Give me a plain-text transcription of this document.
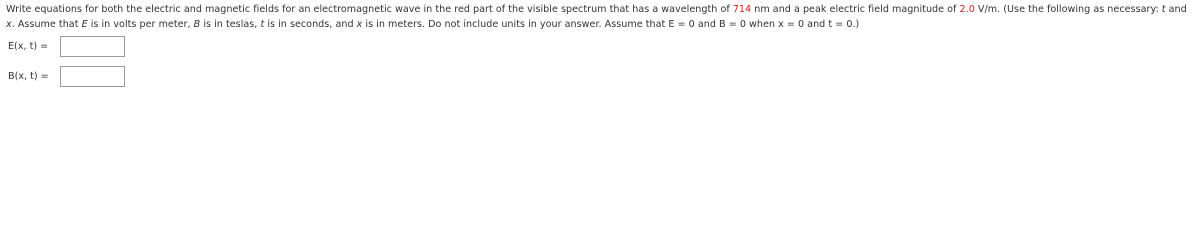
Write equations for both the electric and magnetic fields for an electromagnetic wave in the red part of the visible spectrum that has a wavelength of 714 nm and a peak electric field magnitude of 2.0 V/m. (Use the following as necessary: t and x. Assume that E is in volts per meter, B is in teslas, t is in seconds, and x is in meters. Do not include units in your answer. Assume that E = 0 and B = 0 when x = 0 and t = 0.)
E(x, t) =
B(x, t) =
